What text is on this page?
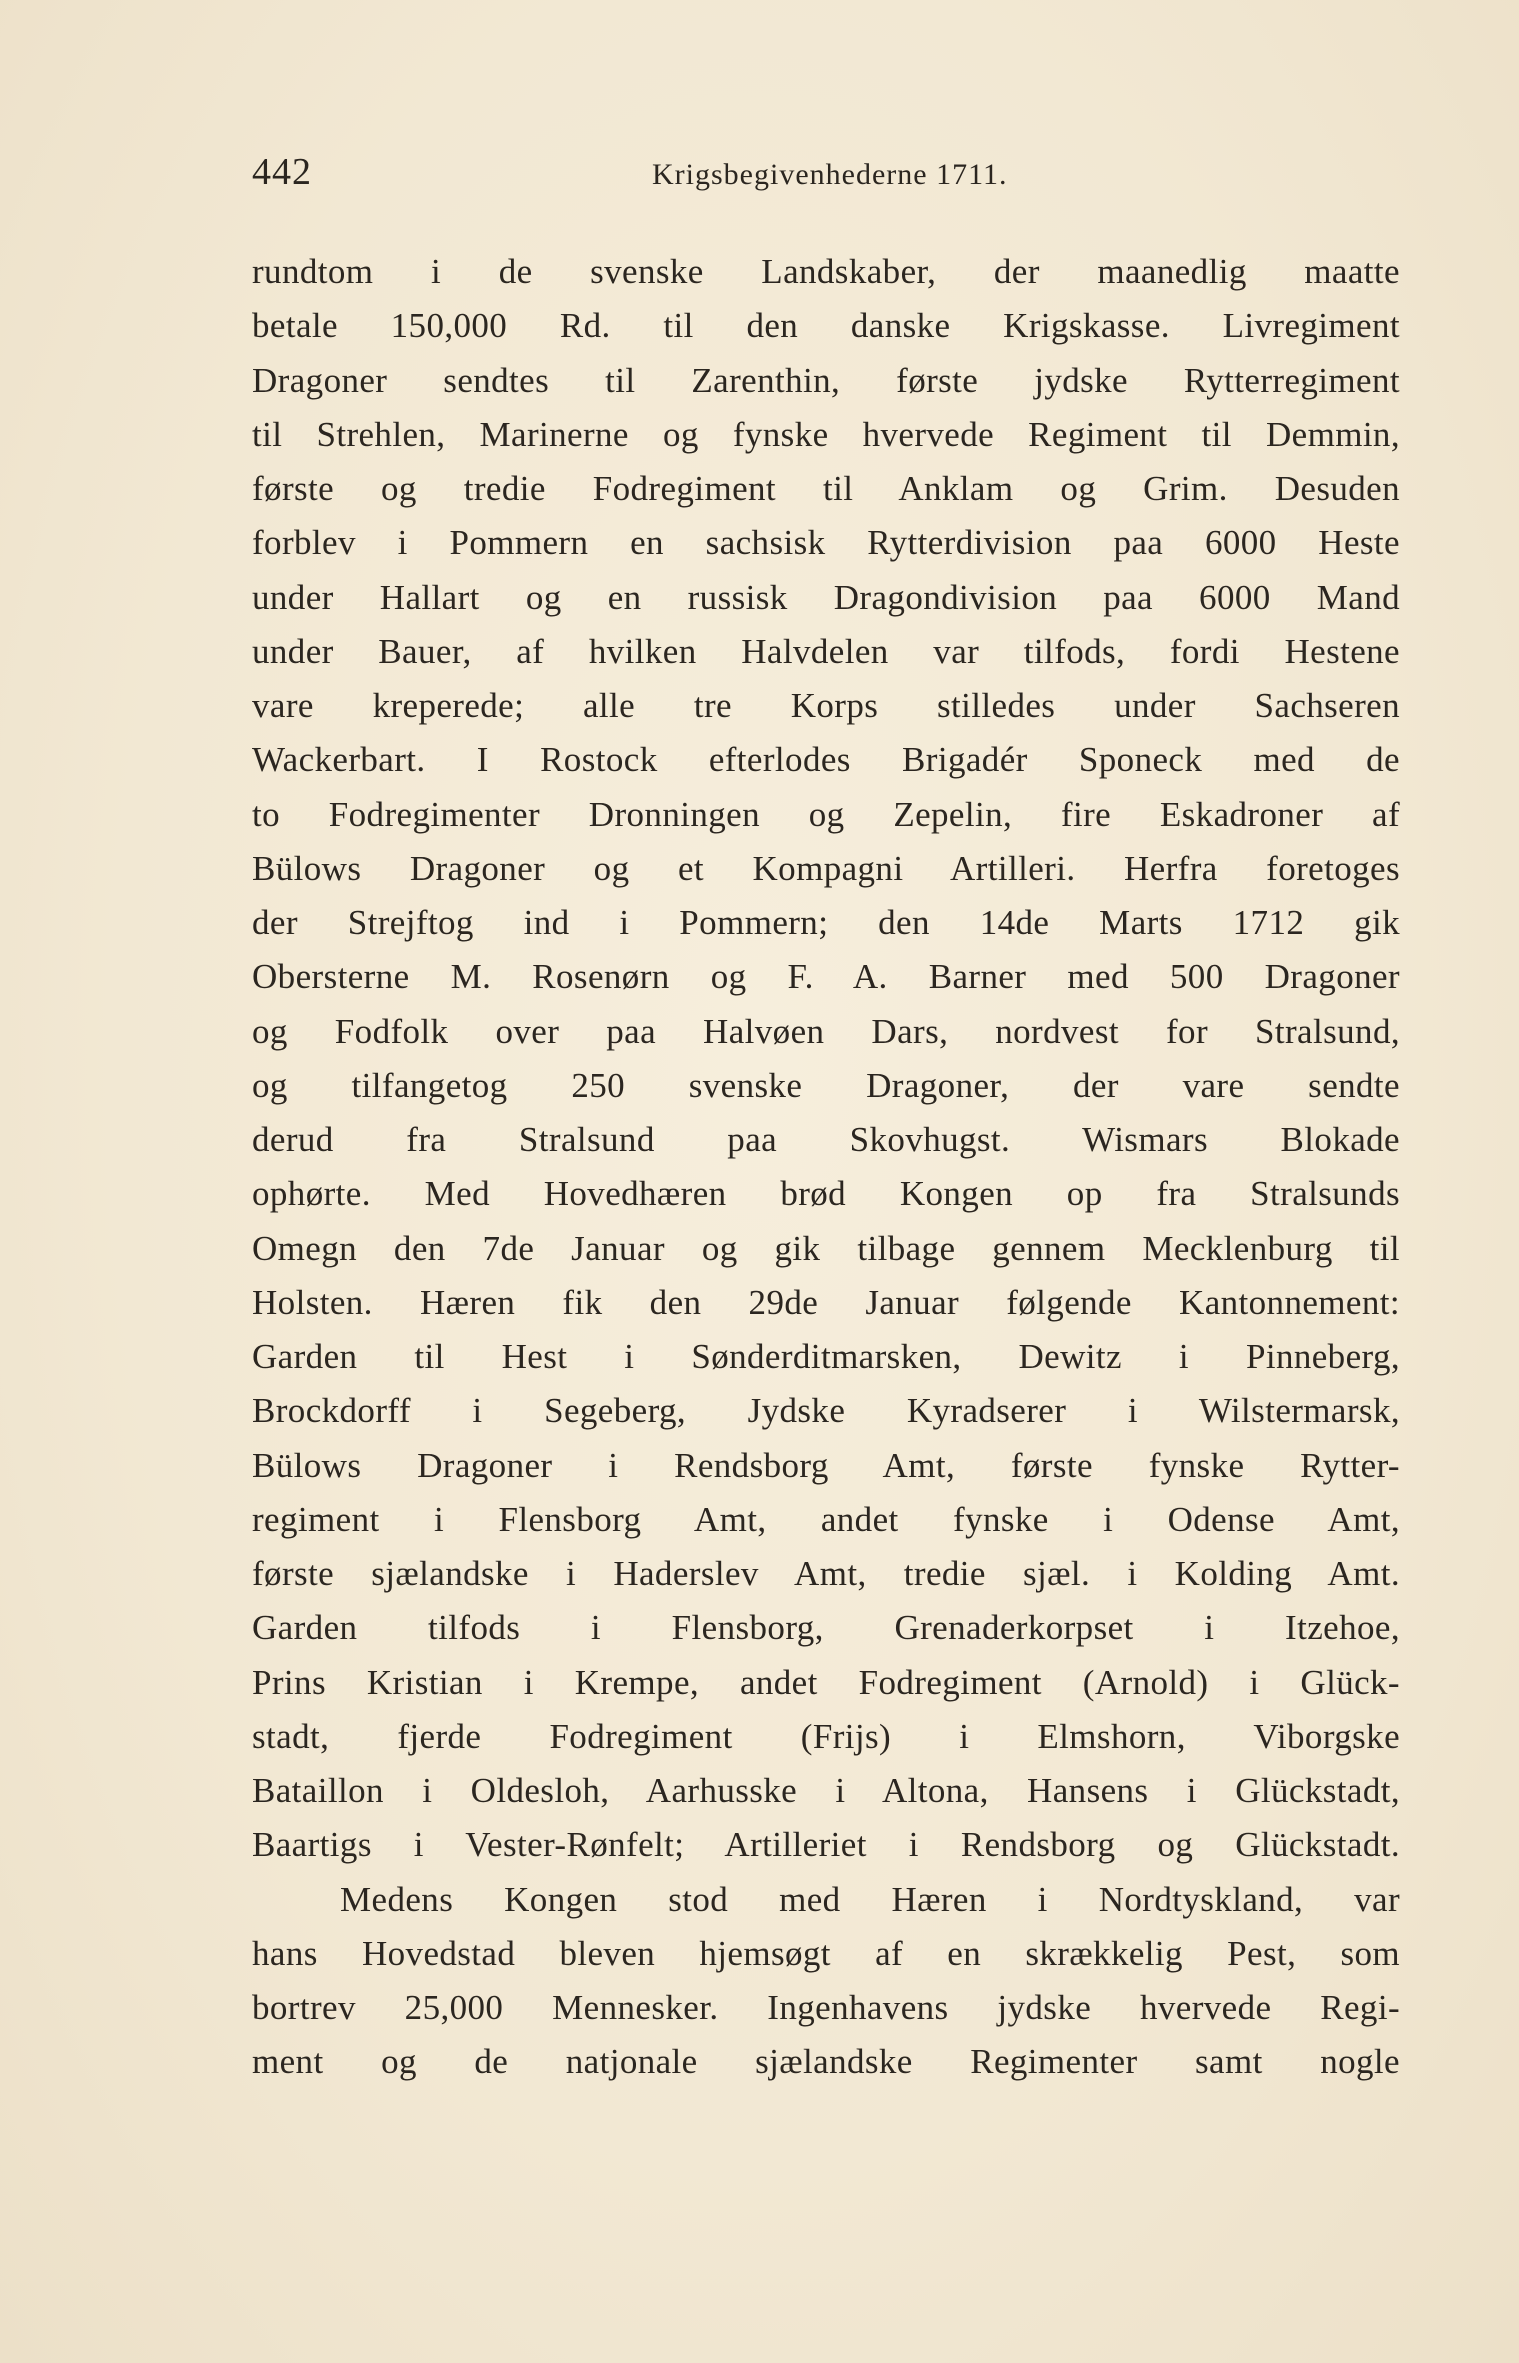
442	Krigsbegivenhederne 1711.
rundtom i de svenske Landskaber, der maanedlig maatte
betale 150,000 Rd. til den danske Krigskasse. Livregiment
Dragoner sendtes til Zarenthin, første jydske Rytterregiment
til Strehlen, Marinerne og fynske hvervede Regiment til Demmin,
første og tredie Fodregiment til Anklam og Grim. Desuden
forblev i Pommern en sachsisk Rytterdivision paa 6000 Heste
under Hallart og en russisk Dragondivision paa 6000 Mand
under Bauer, af hvilken Halvdelen var tilfods, fordi Hestene
vare kreperede; alle tre Korps stilledes under Sachseren
Wackerbart. I Rostock efterlodes Brigadér Sponeck med de
to Fodregimenter Dronningen og Zepelin, fire Eskadroner af
Bülows Dragoner og et Kompagni Artilleri. Herfra foretoges
der Strejftog ind i Pommern; den 14de Marts 1712 gik
Obersterne M. Rosenørn og F. A. Barner med 500 Dragoner
og Fodfolk over paa Halvøen Dars, nordvest for Stralsund,
og tilfangetog 250 svenske Dragoner, der vare sendte
derud fra Stralsund paa Skovhugst. Wismars Blokade
ophørte. Med Hovedhæren brød Kongen op fra Stralsunds
Omegn den 7de Januar og gik tilbage gennem Mecklenburg til
Holsten. Hæren fik den 29de Januar følgende Kantonnement:
Garden til Hest i Sønderditmarsken, Dewitz i Pinneberg,
Brockdorff i Segeberg, Jydske Kyradserer i Wilstermarsk,
Bülows Dragoner i Rendsborg Amt, første fynske Rytter-
regiment i Flensborg Amt, andet fynske i Odense Amt,
første sjælandske i Haderslev Amt, tredie sjæl. i Kolding Amt.
Garden tilfods i Flensborg, Grenaderkorpset i Itzehoe,
Prins Kristian i Krempe, andet Fodregiment (Arnold) i Glück-
stadt, fjerde Fodregiment (Frijs) i Elmshorn, Viborgske
Bataillon i Oldesloh, Aarhusske i Altona, Hansens i Glückstadt,
Baartigs i Vester-Rønfelt; Artilleriet i Rendsborg og Glückstadt.
Medens Kongen stod med Hæren i Nordtyskland, var
hans Hovedstad bleven hjemsøgt af en skrækkelig Pest, som
bortrev 25,000 Mennesker. Ingenhavens jydske hvervede Regi-
ment og de natjonale sjælandske Regimenter samt nogle
